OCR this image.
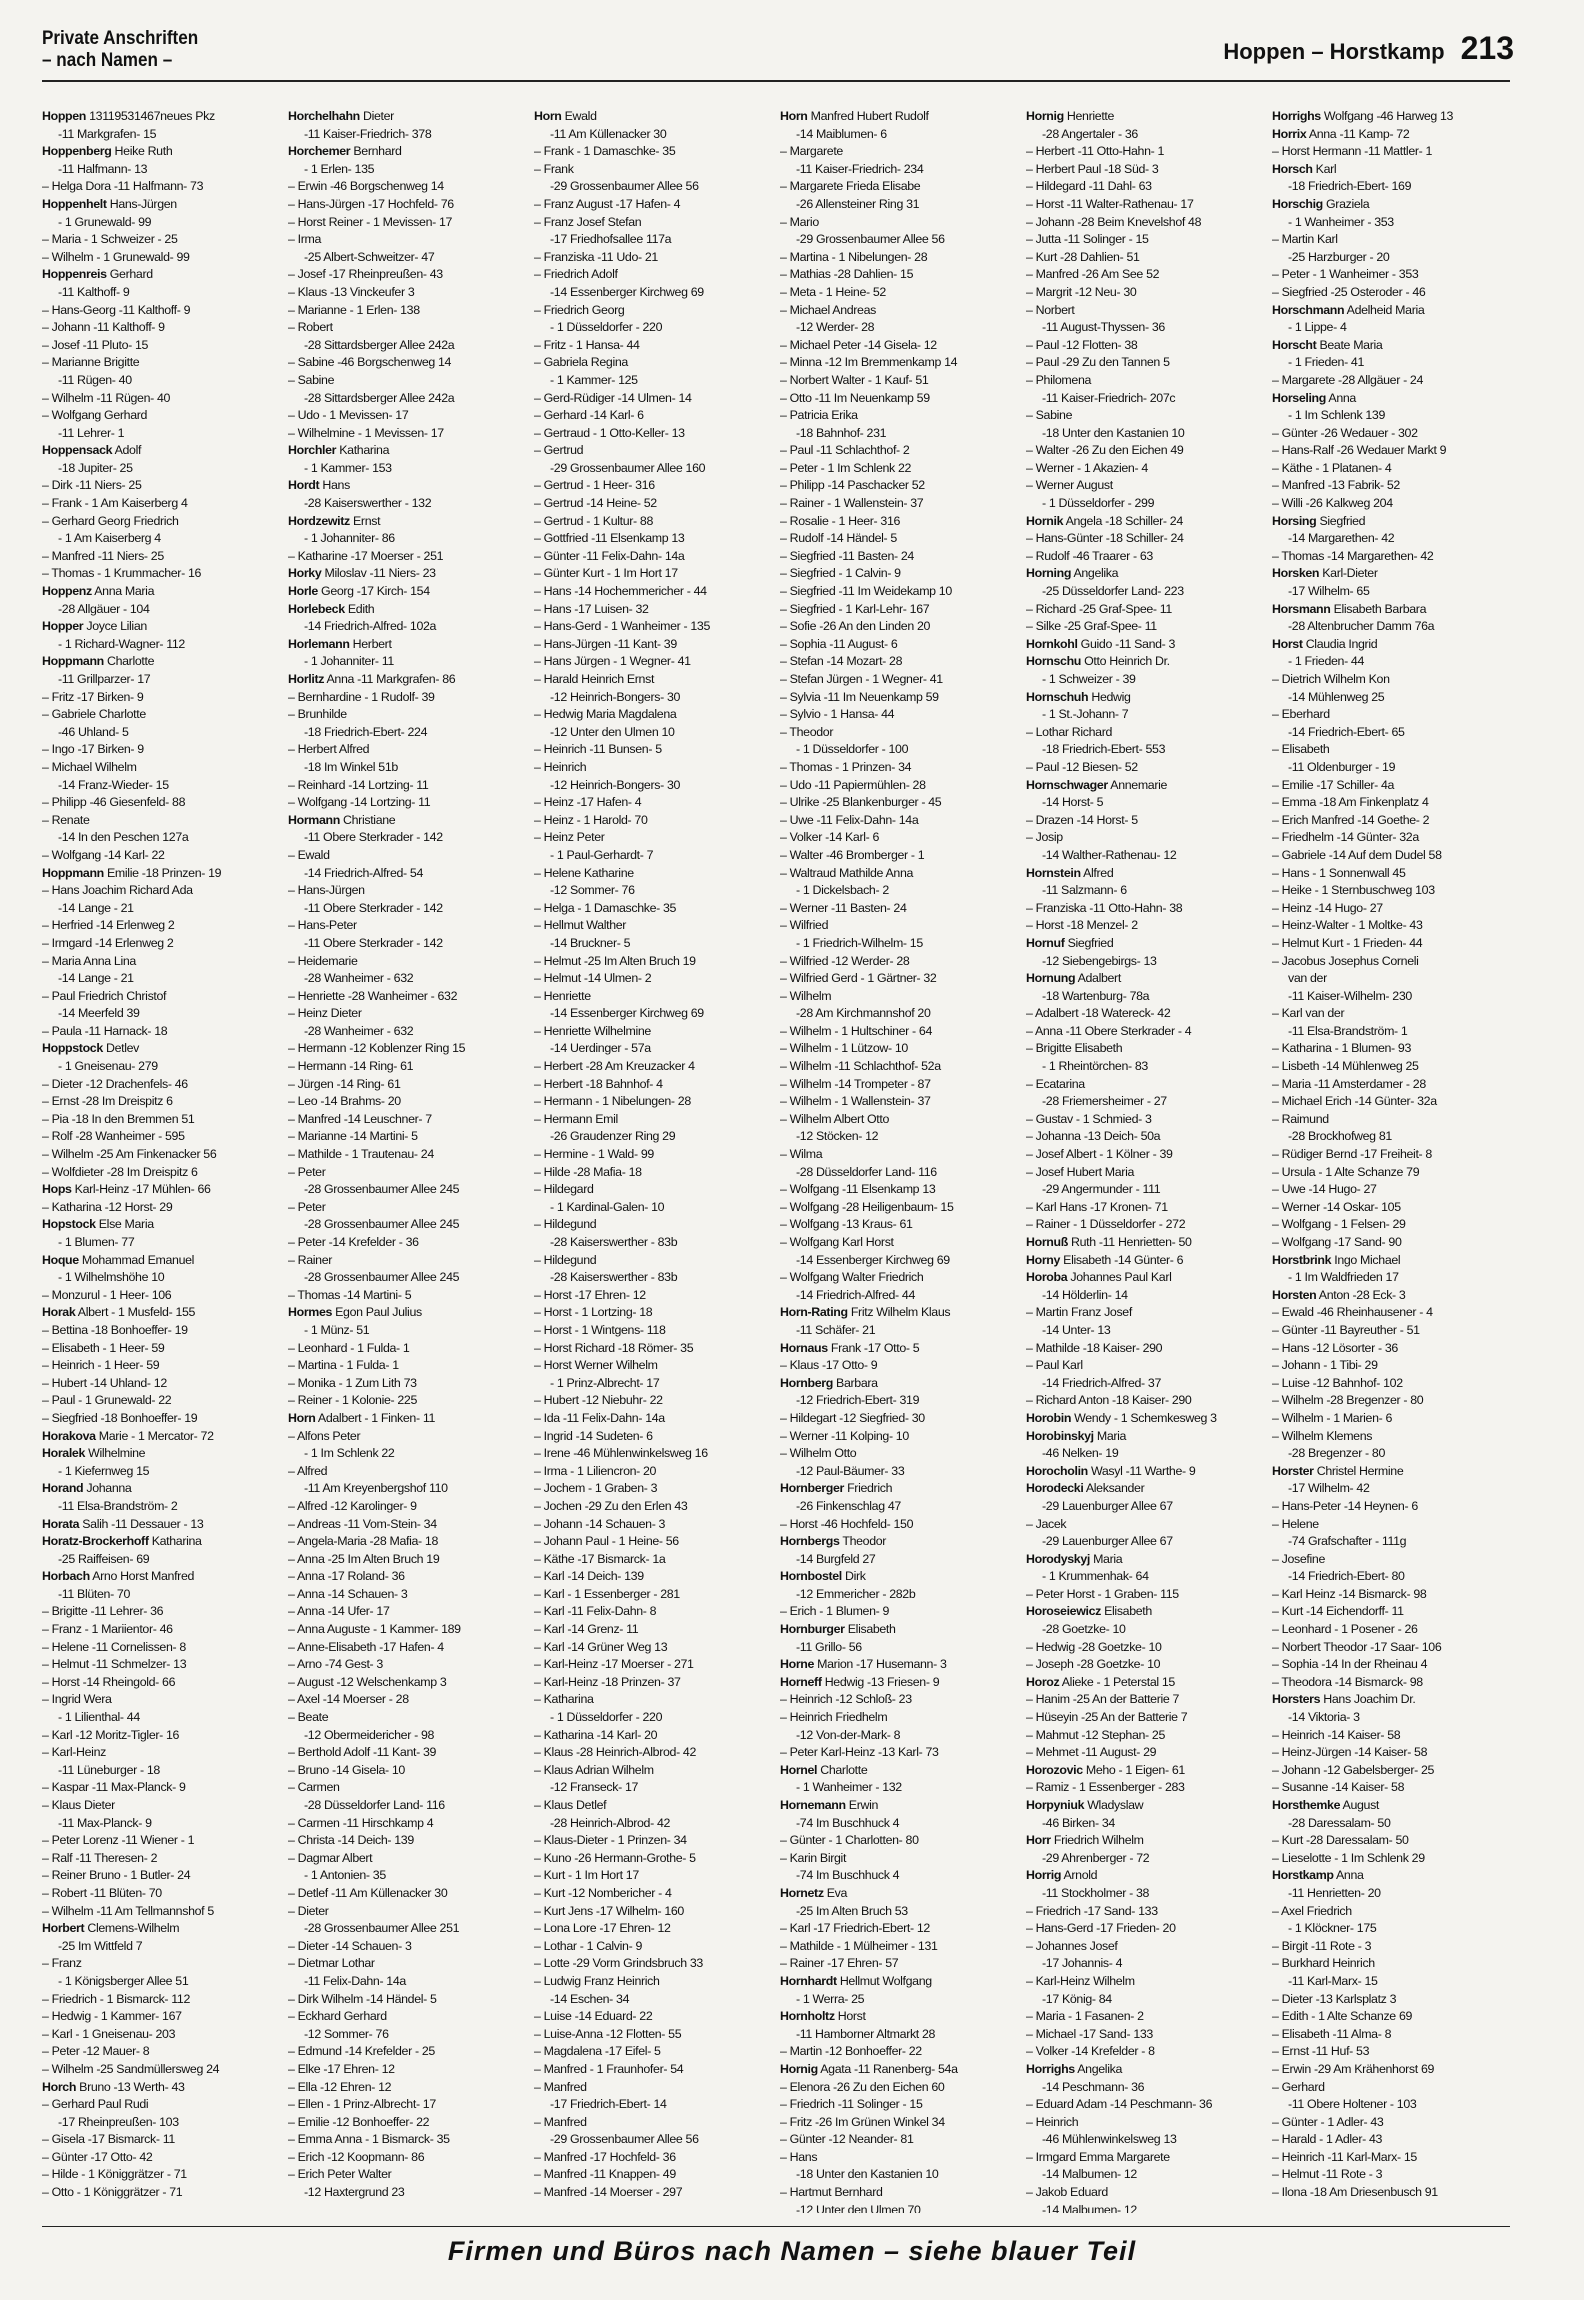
Private Anschriften
– nach Namen –	Hoppen – Horstkamp 213
Hoppen 13119531467neues Pkz
-11 Markgrafen- 15
Hoppenberg Heike Ruth
-11 Halfmann- 13
– Helga Dora -11 Halfmann- 73
Hoppenhelt Hans-Jürgen
- 1 Grunewald- 99
– Maria - 1 Schweizer - 25
– Wilhelm - 1 Grunewald- 99
Hoppenreis Gerhard
-11 Kalthoff- 9
– Hans-Georg -11 Kalthoff- 9
– Johann -11 Kalthoff- 9
– Josef -11 Pluto- 15
– Marianne Brigitte
-11 Rügen- 40
– Wilhelm -11 Rügen- 40
– Wolfgang Gerhard
-11 Lehrer- 1
Hoppensack Adolf
-18 Jupiter- 25
– Dirk -11 Niers- 25
– Frank - 1 Am Kaiserberg 4
– Gerhard Georg Friedrich
- 1 Am Kaiserberg 4
– Manfred -11 Niers- 25
– Thomas - 1 Krummacher- 16
Hoppenz Anna Maria
-28 Allgäuer - 104
Hopper Joyce Lilian
- 1 Richard-Wagner- 112
Hoppmann Charlotte
-11 Grillparzer- 17
– Fritz -17 Birken- 9
– Gabriele Charlotte
-46 Uhland- 5
– Ingo -17 Birken- 9
– Michael Wilhelm
-14 Franz-Wieder- 15
– Philipp -46 Giesenfeld- 88
– Renate
-14 In den Peschen 127a
– Wolfgang -14 Karl- 22
Hoppmann Emilie -18 Prinzen- 19
– Hans Joachim Richard Ada
-14 Lange - 21
– Herfried -14 Erlenweg 2
– Irmgard -14 Erlenweg 2
– Maria Anna Lina
-14 Lange - 21
– Paul Friedrich Christof
-14 Meerfeld 39
– Paula -11 Harnack- 18
Hoppstock Detlev
- 1 Gneisenau- 279
– Dieter -12 Drachenfels- 46
– Ernst -28 Im Dreispitz 6
– Pia -18 In den Bremmen 51
– Rolf -28 Wanheimer - 595
– Wilhelm -25 Am Finkenacker 56
– Wolfdieter -28 Im Dreispitz 6
Hops Karl-Heinz -17 Mühlen- 66
– Katharina -12 Horst- 29
Hopstock Else Maria
- 1 Blumen- 77
Hoque Mohammad Emanuel
- 1 Wilhelmshöhe 10
– Monzurul - 1 Heer- 106
Horak Albert - 1 Musfeld- 155
– Bettina -18 Bonhoeffer- 19
– Elisabeth - 1 Heer- 59
– Heinrich - 1 Heer- 59
– Hubert -14 Uhland- 12
– Paul - 1 Grunewald- 22
– Siegfried -18 Bonhoeffer- 19
Horakova Marie - 1 Mercator- 72
Horalek Wilhelmine
- 1 Kiefernweg 15
Horand Johanna
-11 Elsa-Brandström- 2
Horata Salih -11 Dessauer - 13
Horatz-Brockerhoff Katharina
-25 Raiffeisen- 69
Horbach Arno Horst Manfred
-11 Blüten- 70
– Brigitte -11 Lehrer- 36
– Franz - 1 Mariientor- 46
– Helene -11 Cornelissen- 8
– Helmut -11 Schmelzer- 13
– Horst -14 Rheingold- 66
– Ingrid Wera
- 1 Lilienthal- 44
– Karl -12 Moritz-Tigler- 16
– Karl-Heinz
-11 Lüneburger - 18
– Kaspar -11 Max-Planck- 9
– Klaus Dieter
-11 Max-Planck- 9
– Peter Lorenz -11 Wiener - 1
– Ralf -11 Theresen- 2
– Reiner Bruno - 1 Butler- 24
– Robert -11 Blüten- 70
– Wilhelm -11 Am Tellmannshof 5
Horbert Clemens-Wilhelm
-25 Im Wittfeld 7
– Franz
- 1 Königsberger Allee 51
– Friedrich - 1 Bismarck- 112
– Hedwig - 1 Kammer- 167
– Karl - 1 Gneisenau- 203
– Peter -12 Mauer- 8
– Wilhelm -25 Sandmüllersweg 24
Horch Bruno -13 Werth- 43
– Gerhard Paul Rudi
-17 Rheinpreußen- 103
– Gisela -17 Bismarck- 11
– Günter -17 Otto- 42
– Hilde - 1 Königgrätzer - 71
– Otto - 1 Königgrätzer - 71
Horchelhahn Dieter
-11 Kaiser-Friedrich- 378
Horchemer Bernhard
- 1 Erlen- 135
– Erwin -46 Borgschenweg 14
– Hans-Jürgen -17 Hochfeld- 76
– Horst Reiner - 1 Mevissen- 17
– Irma
-25 Albert-Schweitzer- 47
– Josef -17 Rheinpreußen- 43
– Klaus -13 Vinckeufer 3
– Marianne - 1 Erlen- 138
– Robert
-28 Sittardsberger Allee 242a
– Sabine -46 Borgschenweg 14
– Sabine
-28 Sittardsberger Allee 242a
– Udo - 1 Mevissen- 17
– Wilhelmine - 1 Mevissen- 17
Horchler Katharina
- 1 Kammer- 153
Hordt Hans
-28 Kaiserswerther - 132
Hordzewitz Ernst
- 1 Johanniter- 86
– Katharine -17 Moerser - 251
Horky Miloslav -11 Niers- 23
Horle Georg -17 Kirch- 154
Horlebeck Edith
-14 Friedrich-Alfred- 102a
Horlemann Herbert
- 1 Johanniter- 11
Horlitz Anna -11 Markgrafen- 86
– Bernhardine - 1 Rudolf- 39
– Brunhilde
-18 Friedrich-Ebert- 224
– Herbert Alfred
-18 Im Winkel 51b
– Reinhard -14 Lortzing- 11
– Wolfgang -14 Lortzing- 11
Hormann Christiane
-11 Obere Sterkrader - 142
– Ewald
-14 Friedrich-Alfred- 54
– Hans-Jürgen
-11 Obere Sterkrader - 142
– Hans-Peter
-11 Obere Sterkrader - 142
– Heidemarie
-28 Wanheimer - 632
– Henriette -28 Wanheimer - 632
– Heinz Dieter
-28 Wanheimer - 632
– Hermann -12 Koblenzer Ring 15
– Hermann -14 Ring- 61
– Jürgen -14 Ring- 61
– Leo -14 Brahms- 20
– Manfred -14 Leuschner- 7
– Marianne -14 Martini- 5
– Mathilde - 1 Trautenau- 24
– Peter
-28 Grossenbaumer Allee 245
– Peter
-28 Grossenbaumer Allee 245
– Peter -14 Krefelder - 36
– Rainer
-28 Grossenbaumer Allee 245
– Thomas -14 Martini- 5
Hormes Egon Paul Julius
- 1 Münz- 51
– Leonhard - 1 Fulda- 1
– Martina - 1 Fulda- 1
– Monika - 1 Zum Lith 73
– Reiner - 1 Kolonie- 225
Horn Adalbert - 1 Finken- 11
– Alfons Peter
- 1 Im Schlenk 22
– Alfred
-11 Am Kreyenbergshof 110
– Alfred -12 Karolinger- 9
– Andreas -11 Vom-Stein- 34
– Angela-Maria -28 Mafia- 18
– Anna -25 Im Alten Bruch 19
– Anna -17 Roland- 36
– Anna -14 Schauen- 3
– Anna -14 Ufer- 17
– Anna Auguste - 1 Kammer- 189
– Anne-Elisabeth -17 Hafen- 4
– Arno -74 Gest- 3
– August -12 Welschenkamp 3
– Axel -14 Moerser - 28
– Beate
-12 Obermeidericher - 98
– Berthold Adolf -11 Kant- 39
– Bruno -14 Gisela- 10
– Carmen
-28 Düsseldorfer Land- 116
– Carmen -11 Hirschkamp 4
– Christa -14 Deich- 139
– Dagmar Albert
- 1 Antonien- 35
– Detlef -11 Am Küllenacker 30
– Dieter
-28 Grossenbaumer Allee 251
– Dieter -14 Schauen- 3
– Dietmar Lothar
-11 Felix-Dahn- 14a
– Dirk Wilhelm -14 Händel- 5
– Eckhard Gerhard
-12 Sommer- 76
– Edmund -14 Krefelder - 25
– Elke -17 Ehren- 12
– Ella -12 Ehren- 12
– Ellen - 1 Prinz-Albrecht- 17
– Emilie -12 Bonhoeffer- 22
– Emma Anna - 1 Bismarck- 35
– Erich -12 Koopmann- 86
– Erich Peter Walter
-12 Haxtergrund 23
Horn Ewald
-11 Am Küllenacker 30
– Frank - 1 Damaschke- 35
– Frank
-29 Grossenbaumer Allee 56
– Franz August -17 Hafen- 4
– Franz Josef Stefan
-17 Friedhofsallee 117a
– Franziska -11 Udo- 21
– Friedrich Adolf
-14 Essenberger Kirchweg 69
– Friedrich Georg
- 1 Düsseldorfer - 220
– Fritz - 1 Hansa- 44
– Gabriela Regina
- 1 Kammer- 125
– Gerd-Rüdiger -14 Ulmen- 14
– Gerhard -14 Karl- 6
– Gertraud - 1 Otto-Keller- 13
– Gertrud
-29 Grossenbaumer Allee 160
– Gertrud - 1 Heer- 316
– Gertrud -14 Heine- 52
– Gertrud - 1 Kultur- 88
– Gottfried -11 Elsenkamp 13
– Günter -11 Felix-Dahn- 14a
– Günter Kurt - 1 Im Hort 17
– Hans -14 Hochemmericher - 44
– Hans -17 Luisen- 32
– Hans-Gerd - 1 Wanheimer - 135
– Hans-Jürgen -11 Kant- 39
– Hans Jürgen - 1 Wegner- 41
– Harald Heinrich Ernst
-12 Heinrich-Bongers- 30
– Hedwig Maria Magdalena
-12 Unter den Ulmen 10
– Heinrich -11 Bunsen- 5
– Heinrich
-12 Heinrich-Bongers- 30
– Heinz -17 Hafen- 4
– Heinz - 1 Harold- 70
– Heinz Peter
- 1 Paul-Gerhardt- 7
– Helene Katharine
-12 Sommer- 76
– Helga - 1 Damaschke- 35
– Hellmut Walther
-14 Bruckner- 5
– Helmut -25 Im Alten Bruch 19
– Helmut -14 Ulmen- 2
– Henriette
-14 Essenberger Kirchweg 69
– Henriette Wilhelmine
-14 Uerdinger - 57a
– Herbert -28 Am Kreuzacker 4
– Herbert -18 Bahnhof- 4
– Hermann - 1 Nibelungen- 28
– Hermann Emil
-26 Graudenzer Ring 29
– Hermine - 1 Wald- 99
– Hilde -28 Mafia- 18
– Hildegard
- 1 Kardinal-Galen- 10
– Hildegund
-28 Kaiserswerther - 83b
– Hildegund
-28 Kaiserswerther - 83b
– Horst -17 Ehren- 12
– Horst - 1 Lortzing- 18
– Horst - 1 Wintgens- 118
– Horst Richard -18 Römer- 35
– Horst Werner Wilhelm
- 1 Prinz-Albrecht- 17
– Hubert -12 Niebuhr- 22
– Ida -11 Felix-Dahn- 14a
– Ingrid -14 Sudeten- 6
– Irene -46 Mühlenwinkelsweg 16
– Irma - 1 Liliencron- 20
– Jochem - 1 Graben- 3
– Jochen -29 Zu den Erlen 43
– Johann -14 Schauen- 3
– Johann Paul - 1 Heine- 56
– Käthe -17 Bismarck- 1a
– Karl -14 Deich- 139
– Karl - 1 Essenberger - 281
– Karl -11 Felix-Dahn- 8
– Karl -14 Grenz- 11
– Karl -14 Grüner Weg 13
– Karl-Heinz -17 Moerser - 271
– Karl-Heinz -18 Prinzen- 37
– Katharina
- 1 Düsseldorfer - 220
– Katharina -14 Karl- 20
– Klaus -28 Heinrich-Albrod- 42
– Klaus Adrian Wilhelm
-12 Franseck- 17
– Klaus Detlef
-28 Heinrich-Albrod- 42
– Klaus-Dieter - 1 Prinzen- 34
– Kuno -26 Hermann-Grothe- 5
– Kurt - 1 Im Hort 17
– Kurt -12 Nombericher - 4
– Kurt Jens -17 Wilhelm- 160
– Lona Lore -17 Ehren- 12
– Lothar - 1 Calvin- 9
– Lotte -29 Vorm Grindsbruch 33
– Ludwig Franz Heinrich
-14 Eschen- 34
– Luise -14 Eduard- 22
– Luise-Anna -12 Flotten- 55
– Magdalena -17 Eifel- 5
– Manfred - 1 Fraunhofer- 54
– Manfred
-17 Friedrich-Ebert- 14
– Manfred
-29 Grossenbaumer Allee 56
– Manfred -17 Hochfeld- 36
– Manfred -11 Knappen- 49
– Manfred -14 Moerser - 297
Horn Manfred Hubert Rudolf
-14 Maiblumen- 6
– Margarete
-11 Kaiser-Friedrich- 234
– Margarete Frieda Elisabe
-26 Allensteiner Ring 31
– Mario
-29 Grossenbaumer Allee 56
– Martina - 1 Nibelungen- 28
– Mathias -28 Dahlien- 15
– Meta - 1 Heine- 52
– Michael Andreas
-12 Werder- 28
– Michael Peter -14 Gisela- 12
– Minna -12 Im Bremmenkamp 14
– Norbert Walter - 1 Kauf- 51
– Otto -11 Im Neuenkamp 59
– Patricia Erika
-18 Bahnhof- 231
– Paul -11 Schlachthof- 2
– Peter - 1 Im Schlenk 22
– Philipp -14 Paschacker 52
– Rainer - 1 Wallenstein- 37
– Rosalie - 1 Heer- 316
– Rudolf -14 Händel- 5
– Siegfried -11 Basten- 24
– Siegfried - 1 Calvin- 9
– Siegfried -11 Im Weidekamp 10
– Siegfried - 1 Karl-Lehr- 167
– Sofie -26 An den Linden 20
– Sophia -11 August- 6
– Stefan -14 Mozart- 28
– Stefan Jürgen - 1 Wegner- 41
– Sylvia -11 Im Neuenkamp 59
– Sylvio - 1 Hansa- 44
– Theodor
- 1 Düsseldorfer - 100
– Thomas - 1 Prinzen- 34
– Udo -11 Papiermühlen- 28
– Ulrike -25 Blankenburger - 45
– Uwe -11 Felix-Dahn- 14a
– Volker -14 Karl- 6
– Walter -46 Bromberger - 1
– Waltraud Mathilde Anna
- 1 Dickelsbach- 2
– Werner -11 Basten- 24
– Wilfried
- 1 Friedrich-Wilhelm- 15
– Wilfried -12 Werder- 28
– Wilfried Gerd - 1 Gärtner- 32
– Wilhelm
-28 Am Kirchmannshof 20
– Wilhelm - 1 Hultschiner - 64
– Wilhelm - 1 Lützow- 10
– Wilhelm -11 Schlachthof- 52a
– Wilhelm -14 Trompeter - 87
– Wilhelm - 1 Wallenstein- 37
– Wilhelm Albert Otto
-12 Stöcken- 12
– Wilma
-28 Düsseldorfer Land- 116
– Wolfgang -11 Elsenkamp 13
– Wolfgang -28 Heiligenbaum- 15
– Wolfgang -13 Kraus- 61
– Wolfgang Karl Horst
-14 Essenberger Kirchweg 69
– Wolfgang Walter Friedrich
-14 Friedrich-Alfred- 44
Horn-Rating Fritz Wilhelm Klaus
-11 Schäfer- 21
Hornaus Frank -17 Otto- 5
– Klaus -17 Otto- 9
Hornberg Barbara
-12 Friedrich-Ebert- 319
– Hildegart -12 Siegfried- 30
– Werner -11 Kolping- 10
– Wilhelm Otto
-12 Paul-Bäumer- 33
Hornberger Friedrich
-26 Finkenschlag 47
– Horst -46 Hochfeld- 150
Hornbergs Theodor
-14 Burgfeld 27
Hornbostel Dirk
-12 Emmericher - 282b
– Erich - 1 Blumen- 9
Hornburger Elisabeth
-11 Grillo- 56
Horne Marion -17 Husemann- 3
Horneff Hedwig -13 Friesen- 9
– Heinrich -12 Schloß- 23
– Heinrich Friedhelm
-12 Von-der-Mark- 8
– Peter Karl-Heinz -13 Karl- 73
Hornel Charlotte
- 1 Wanheimer - 132
Hornemann Erwin
-74 Im Buschhuck 4
– Günter - 1 Charlotten- 80
– Karin Birgit
-74 Im Buschhuck 4
Hornetz Eva
-25 Im Alten Bruch 53
– Karl -17 Friedrich-Ebert- 12
– Mathilde - 1 Mülheimer - 131
– Rainer -17 Ehren- 57
Hornhardt Hellmut Wolfgang
- 1 Werra- 25
Hornholtz Horst
-11 Hamborner Altmarkt 28
– Martin -12 Bonhoeffer- 22
Hornig Agata -11 Ranenberg- 54a
– Elenora -26 Zu den Eichen 60
– Friedrich -11 Solinger - 15
– Fritz -26 Im Grünen Winkel 34
– Günter -12 Neander- 81
– Hans
-18 Unter den Kastanien 10
– Hartmut Bernhard
-12 Unter den Ulmen 70
Hornig Henriette
-28 Angertaler - 36
– Herbert -11 Otto-Hahn- 1
– Herbert Paul -18 Süd- 3
– Hildegard -11 Dahl- 63
– Horst -11 Walter-Rathenau- 17
– Johann -28 Beim Knevelshof 48
– Jutta -11 Solinger - 15
– Kurt -28 Dahlien- 51
– Manfred -26 Am See 52
– Margrit -12 Neu- 30
– Norbert
-11 August-Thyssen- 36
– Paul -12 Flotten- 38
– Paul -29 Zu den Tannen 5
– Philomena
-11 Kaiser-Friedrich- 207c
– Sabine
-18 Unter den Kastanien 10
– Walter -26 Zu den Eichen 49
– Werner - 1 Akazien- 4
– Werner August
- 1 Düsseldorfer - 299
Hornik Angela -18 Schiller- 24
– Hans-Günter -18 Schiller- 24
– Rudolf -46 Traarer - 63
Horning Angelika
-25 Düsseldorfer Land- 223
– Richard -25 Graf-Spee- 11
– Silke -25 Graf-Spee- 11
Hornkohl Guido -11 Sand- 3
Hornschu Otto Heinrich Dr.
- 1 Schweizer - 39
Hornschuh Hedwig
- 1 St.-Johann- 7
– Lothar Richard
-18 Friedrich-Ebert- 553
– Paul -12 Biesen- 52
Hornschwager Annemarie
-14 Horst- 5
– Drazen -14 Horst- 5
– Josip
-14 Walther-Rathenau- 12
Hornstein Alfred
-11 Salzmann- 6
– Franziska -11 Otto-Hahn- 38
– Horst -18 Menzel- 2
Hornuf Siegfried
-12 Siebengebirgs- 13
Hornung Adalbert
-18 Wartenburg- 78a
– Adalbert -18 Watereck- 42
– Anna -11 Obere Sterkrader - 4
– Brigitte Elisabeth
- 1 Rheintörchen- 83
– Ecatarina
-28 Friemersheimer - 27
– Gustav - 1 Schmied- 3
– Johanna -13 Deich- 50a
– Josef Albert - 1 Kölner - 39
– Josef Hubert Maria
-29 Angermunder - 111
– Karl Hans -17 Kronen- 71
– Rainer - 1 Düsseldorfer - 272
Hornuß Ruth -11 Henrietten- 50
Horny Elisabeth -14 Günter- 6
Horoba Johannes Paul Karl
-14 Hölderlin- 14
– Martin Franz Josef
-14 Unter- 13
– Mathilde -18 Kaiser- 290
– Paul Karl
-14 Friedrich-Alfred- 37
– Richard Anton -18 Kaiser- 290
Horobin Wendy - 1 Schemkesweg 3
Horobinskyj Maria
-46 Nelken- 19
Horocholin Wasyl -11 Warthe- 9
Horodecki Aleksander
-29 Lauenburger Allee 67
– Jacek
-29 Lauenburger Allee 67
Horodyskyj Maria
- 1 Krummenhak- 64
– Peter Horst - 1 Graben- 115
Horoseiewicz Elisabeth
-28 Goetzke- 10
– Hedwig -28 Goetzke- 10
– Joseph -28 Goetzke- 10
Horoz Alieke - 1 Peterstal 15
– Hanim -25 An der Batterie 7
– Hüseyin -25 An der Batterie 7
– Mahmut -12 Stephan- 25
– Mehmet -11 August- 29
Horozovic Meho - 1 Eigen- 61
– Ramiz - 1 Essenberger - 283
Horpyniuk Wladyslaw
-46 Birken- 34
Horr Friedrich Wilhelm
-29 Ahrenberger - 72
Horrig Arnold
-11 Stockholmer - 38
– Friedrich -17 Sand- 133
– Hans-Gerd -17 Frieden- 20
– Johannes Josef
-17 Johannis- 4
– Karl-Heinz Wilhelm
-17 König- 84
– Maria - 1 Fasanen- 2
– Michael -17 Sand- 133
– Volker -14 Krefelder - 8
Horrighs Angelika
-14 Peschmann- 36
– Eduard Adam -14 Peschmann- 36
– Heinrich
-46 Mühlenwinkelsweg 13
– Irmgard Emma Margarete
-14 Malbumen- 12
– Jakob Eduard
-14 Malbumen- 12
Horrighs Wolfgang -46 Harweg 13
Horrix Anna -11 Kamp- 72
– Horst Hermann -11 Mattler- 1
Horsch Karl
-18 Friedrich-Ebert- 169
Horschig Graziela
- 1 Wanheimer - 353
– Martin Karl
-25 Harzburger - 20
– Peter - 1 Wanheimer - 353
– Siegfried -25 Osteroder - 46
Horschmann Adelheid Maria
- 1 Lippe- 4
Horscht Beate Maria
- 1 Frieden- 41
– Margarete -28 Allgäuer - 24
Horseling Anna
- 1 Im Schlenk 139
– Günter -26 Wedauer - 302
– Hans-Ralf -26 Wedauer Markt 9
– Käthe - 1 Platanen- 4
– Manfred -13 Fabrik- 52
– Willi -26 Kalkweg 204
Horsing Siegfried
-14 Margarethen- 42
– Thomas -14 Margarethen- 42
Horsken Karl-Dieter
-17 Wilhelm- 65
Horsmann Elisabeth Barbara
-28 Altenbrucher Damm 76a
Horst Claudia Ingrid
- 1 Frieden- 44
– Dietrich Wilhelm Kon
-14 Mühlenweg 25
– Eberhard
-14 Friedrich-Ebert- 65
– Elisabeth
-11 Oldenburger - 19
– Emilie -17 Schiller- 4a
– Emma -18 Am Finkenplatz 4
– Erich Manfred -14 Goethe- 2
– Friedhelm -14 Günter- 32a
– Gabriele -14 Auf dem Dudel 58
– Hans - 1 Sonnenwall 45
– Heike - 1 Sternbuschweg 103
– Heinz -14 Hugo- 27
– Heinz-Walter - 1 Moltke- 43
– Helmut Kurt - 1 Frieden- 44
– Jacobus Josephus Corneli
van der
-11 Kaiser-Wilhelm- 230
– Karl van der
-11 Elsa-Brandström- 1
– Katharina - 1 Blumen- 93
– Lisbeth -14 Mühlenweg 25
– Maria -11 Amsterdamer - 28
– Michael Erich -14 Günter- 32a
– Raimund
-28 Brockhofweg 81
– Rüdiger Bernd -17 Freiheit- 8
– Ursula - 1 Alte Schanze 79
– Uwe -14 Hugo- 27
– Werner -14 Oskar- 105
– Wolfgang - 1 Felsen- 29
– Wolfgang -17 Sand- 90
Horstbrink Ingo Michael
- 1 Im Waldfrieden 17
Horsten Anton -28 Eck- 3
– Ewald -46 Rheinhausener - 4
– Günter -11 Bayreuther - 51
– Hans -12 Lösorter - 36
– Johann - 1 Tibi- 29
– Luise -12 Bahnhof- 102
– Wilhelm -28 Bregenzer - 80
– Wilhelm - 1 Marien- 6
– Wilhelm Klemens
-28 Bregenzer - 80
Horster Christel Hermine
-17 Wilhelm- 42
– Hans-Peter -14 Heynen- 6
– Helene
-74 Grafschafter - 111g
– Josefine
-14 Friedrich-Ebert- 80
– Karl Heinz -14 Bismarck- 98
– Kurt -14 Eichendorff- 11
– Leonhard - 1 Posener - 26
– Norbert Theodor -17 Saar- 106
– Sophia -14 In der Rheinau 4
– Theodora -14 Bismarck- 98
Horsters Hans Joachim Dr.
-14 Viktoria- 3
– Heinrich -14 Kaiser- 58
– Heinz-Jürgen -14 Kaiser- 58
– Johann -12 Gabelsberger- 25
– Susanne -14 Kaiser- 58
Horsthemke August
-28 Daressalam- 50
– Kurt -28 Daressalam- 50
– Lieselotte - 1 Im Schlenk 29
Horstkamp Anna
-11 Henrietten- 20
– Axel Friedrich
- 1 Klöckner- 175
– Birgit -11 Rote - 3
– Burkhard Heinrich
-11 Karl-Marx- 15
– Dieter -13 Karlsplatz 3
– Edith - 1 Alte Schanze 69
– Elisabeth -11 Alma- 8
– Ernst -11 Huf- 53
– Erwin -29 Am Krähenhorst 69
– Gerhard
-11 Obere Holtener - 103
– Günter - 1 Adler- 43
– Harald - 1 Adler- 43
– Heinrich -11 Karl-Marx- 15
– Helmut -11 Rote - 3
– Ilona -18 Am Driesenbusch 91
Firmen und Büros nach Namen – siehe blauer Teil
